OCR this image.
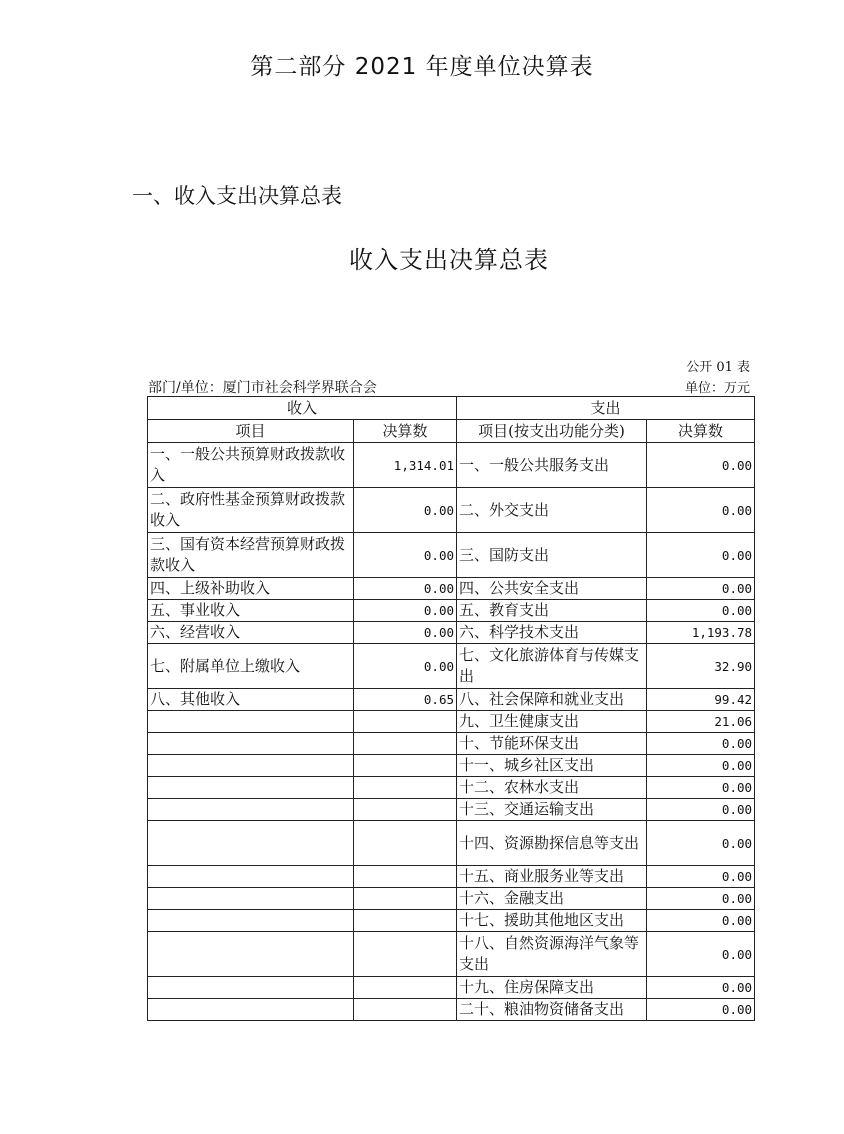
第二部分 2021 年度单位决算表
一、收入支出决算总表
收入支出决算总表
公开 01 表
部门/单位：厦门市社会科学界联合会	单位：万元
收入		支出	
项目	决算数	项目(按支出功能分类)	决算数
一、一般公共预算财政拨款收入	1,314.01	一、一般公共服务支出	0.00
二、政府性基金预算财政拨款收入	0.00	二、外交支出	0.00
三、国有资本经营预算财政拨款收入	0.00	三、国防支出	0.00
四、上级补助收入	0.00	四、公共安全支出	0.00
五、事业收入	0.00	五、教育支出	0.00
六、经营收入	0.00	六、科学技术支出	1,193.78
七、附属单位上缴收入	0.00	七、文化旅游体育与传媒支出	32.90
八、其他收入	0.65	八、社会保障和就业支出	99.42
		九、卫生健康支出	21.06
		十、节能环保支出	0.00
		十一、城乡社区支出	0.00
		十二、农林水支出	0.00
		十三、交通运输支出	0.00
		十四、资源勘探信息等支出	0.00
		十五、商业服务业等支出	0.00
		十六、金融支出	0.00
		十七、援助其他地区支出	0.00
		十八、自然资源海洋气象等支出	0.00
		十九、住房保障支出	0.00
		二十、粮油物资储备支出	0.00
